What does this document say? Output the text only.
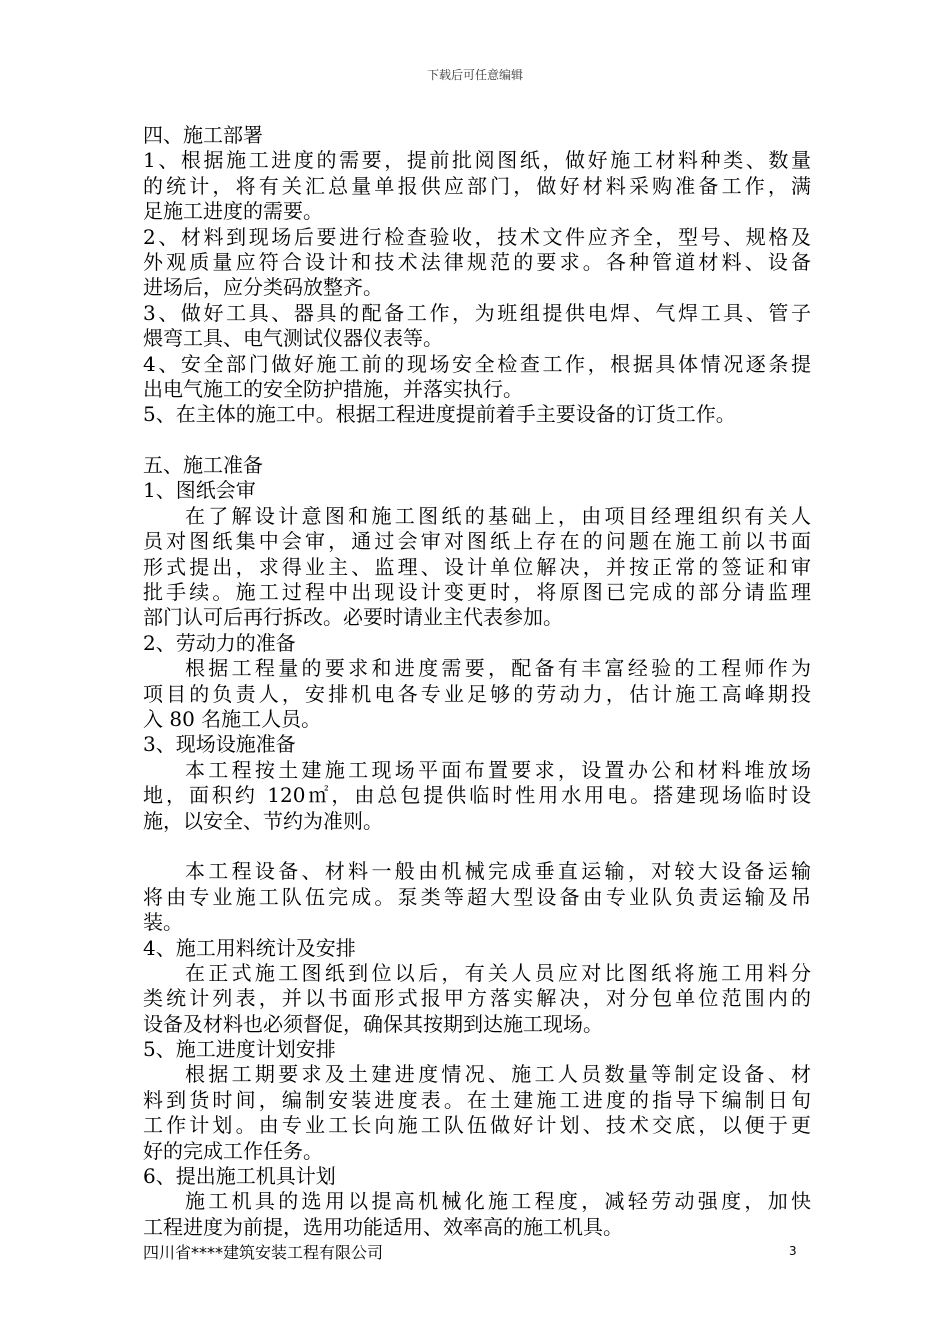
下载后可任意编辑
四、施工部署
1、根据施工进度的需要，提前批阅图纸，做好施工材料种类、数量
的统计，将有关汇总量单报供应部门，做好材料采购准备工作，满
足施工进度的需要。
2、材料到现场后要进行检查验收，技术文件应齐全，型号、规格及
外观质量应符合设计和技术法律规范的要求。各种管道材料、设备
进场后，应分类码放整齐。
3、做好工具、器具的配备工作，为班组提供电焊、气焊工具、管子
煨弯工具、电气测试仪器仪表等。
4、安全部门做好施工前的现场安全检查工作，根据具体情况逐条提
出电气施工的安全防护措施，并落实执行。
5、在主体的施工中。根据工程进度提前着手主要设备的订货工作。
五、施工准备
1、图纸会审
在了解设计意图和施工图纸的基础上，由项目经理组织有关人
员对图纸集中会审，通过会审对图纸上存在的问题在施工前以书面
形式提出，求得业主、监理、设计单位解决，并按正常的签证和审
批手续。施工过程中出现设计变更时，将原图已完成的部分请监理
部门认可后再行拆改。必要时请业主代表参加。
2、劳动力的准备
根据工程量的要求和进度需要，配备有丰富经验的工程师作为
项目的负责人，安排机电各专业足够的劳动力，估计施工高峰期投
入 80 名施工人员。
3、现场设施准备
本工程按土建施工现场平面布置要求，设置办公和材料堆放场
地，面积约 120㎡，由总包提供临时性用水用电。搭建现场临时设
施，以安全、节约为准则。
本工程设备、材料一般由机械完成垂直运输，对较大设备运输
将由专业施工队伍完成。泵类等超大型设备由专业队负责运输及吊
装。
4、施工用料统计及安排
在正式施工图纸到位以后，有关人员应对比图纸将施工用料分
类统计列表，并以书面形式报甲方落实解决，对分包单位范围内的
设备及材料也必须督促，确保其按期到达施工现场。
5、施工进度计划安排
根据工期要求及土建进度情况、施工人员数量等制定设备、材
料到货时间，编制安装进度表。在土建施工进度的指导下编制日旬
工作计划。由专业工长向施工队伍做好计划、技术交底，以便于更
好的完成工作任务。
6、提出施工机具计划
施工机具的选用以提高机械化施工程度，减轻劳动强度，加快
工程进度为前提，选用功能适用、效率高的施工机具。
四川省****建筑安装工程有限公司	3
